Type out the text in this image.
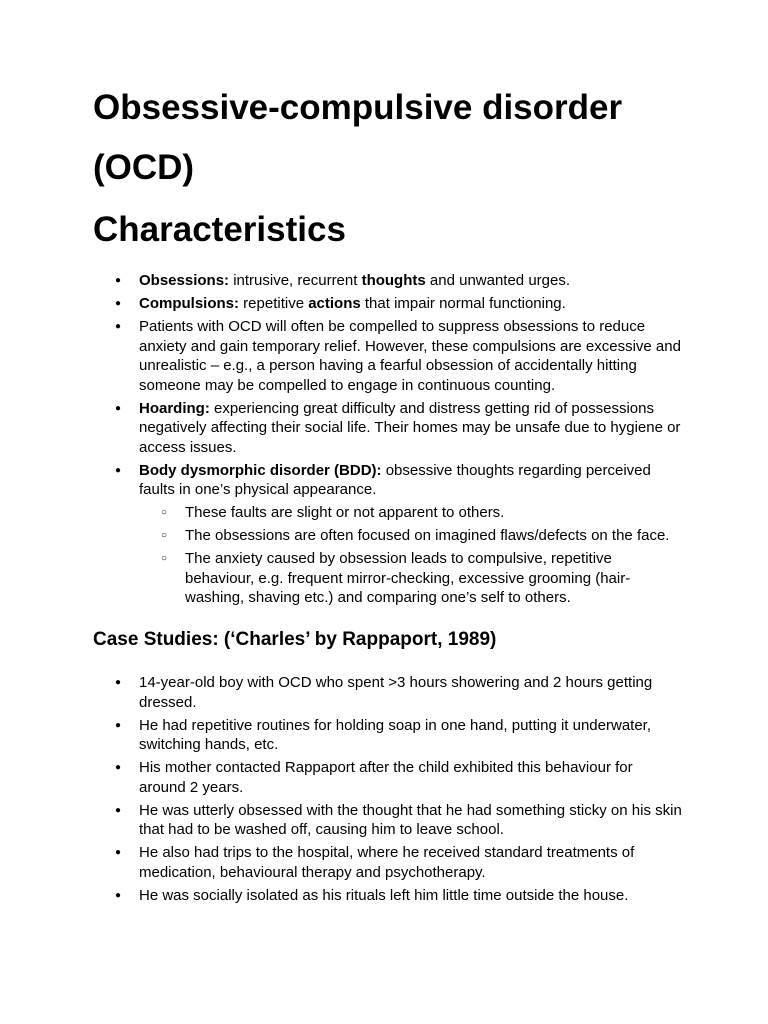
Obsessive-compulsive disorder (OCD)
Characteristics
● Obsessions: intrusive, recurrent thoughts and unwanted urges.
● Compulsions: repetitive actions that impair normal functioning.
● Patients with OCD will often be compelled to suppress obsessions to reduce anxiety and gain temporary relief. However, these compulsions are excessive and unrealistic – e.g., a person having a fearful obsession of accidentally hitting someone may be compelled to engage in continuous counting.
● Hoarding: experiencing great difficulty and distress getting rid of possessions negatively affecting their social life. Their homes may be unsafe due to hygiene or access issues.
● Body dysmorphic disorder (BDD): obsessive thoughts regarding perceived faults in one’s physical appearance.
○ These faults are slight or not apparent to others.
○ The obsessions are often focused on imagined flaws/defects on the face.
○ The anxiety caused by obsession leads to compulsive, repetitive behaviour, e.g. frequent mirror-checking, excessive grooming (hair-washing, shaving etc.) and comparing one’s self to others.
Case Studies: (‘Charles’ by Rappaport, 1989)
● 14-year-old boy with OCD who spent >3 hours showering and 2 hours getting dressed.
● He had repetitive routines for holding soap in one hand, putting it underwater, switching hands, etc.
● His mother contacted Rappaport after the child exhibited this behaviour for around 2 years.
● He was utterly obsessed with the thought that he had something sticky on his skin that had to be washed off, causing him to leave school.
● He also had trips to the hospital, where he received standard treatments of medication, behavioural therapy and psychotherapy.
● He was socially isolated as his rituals left him little time outside the house.
